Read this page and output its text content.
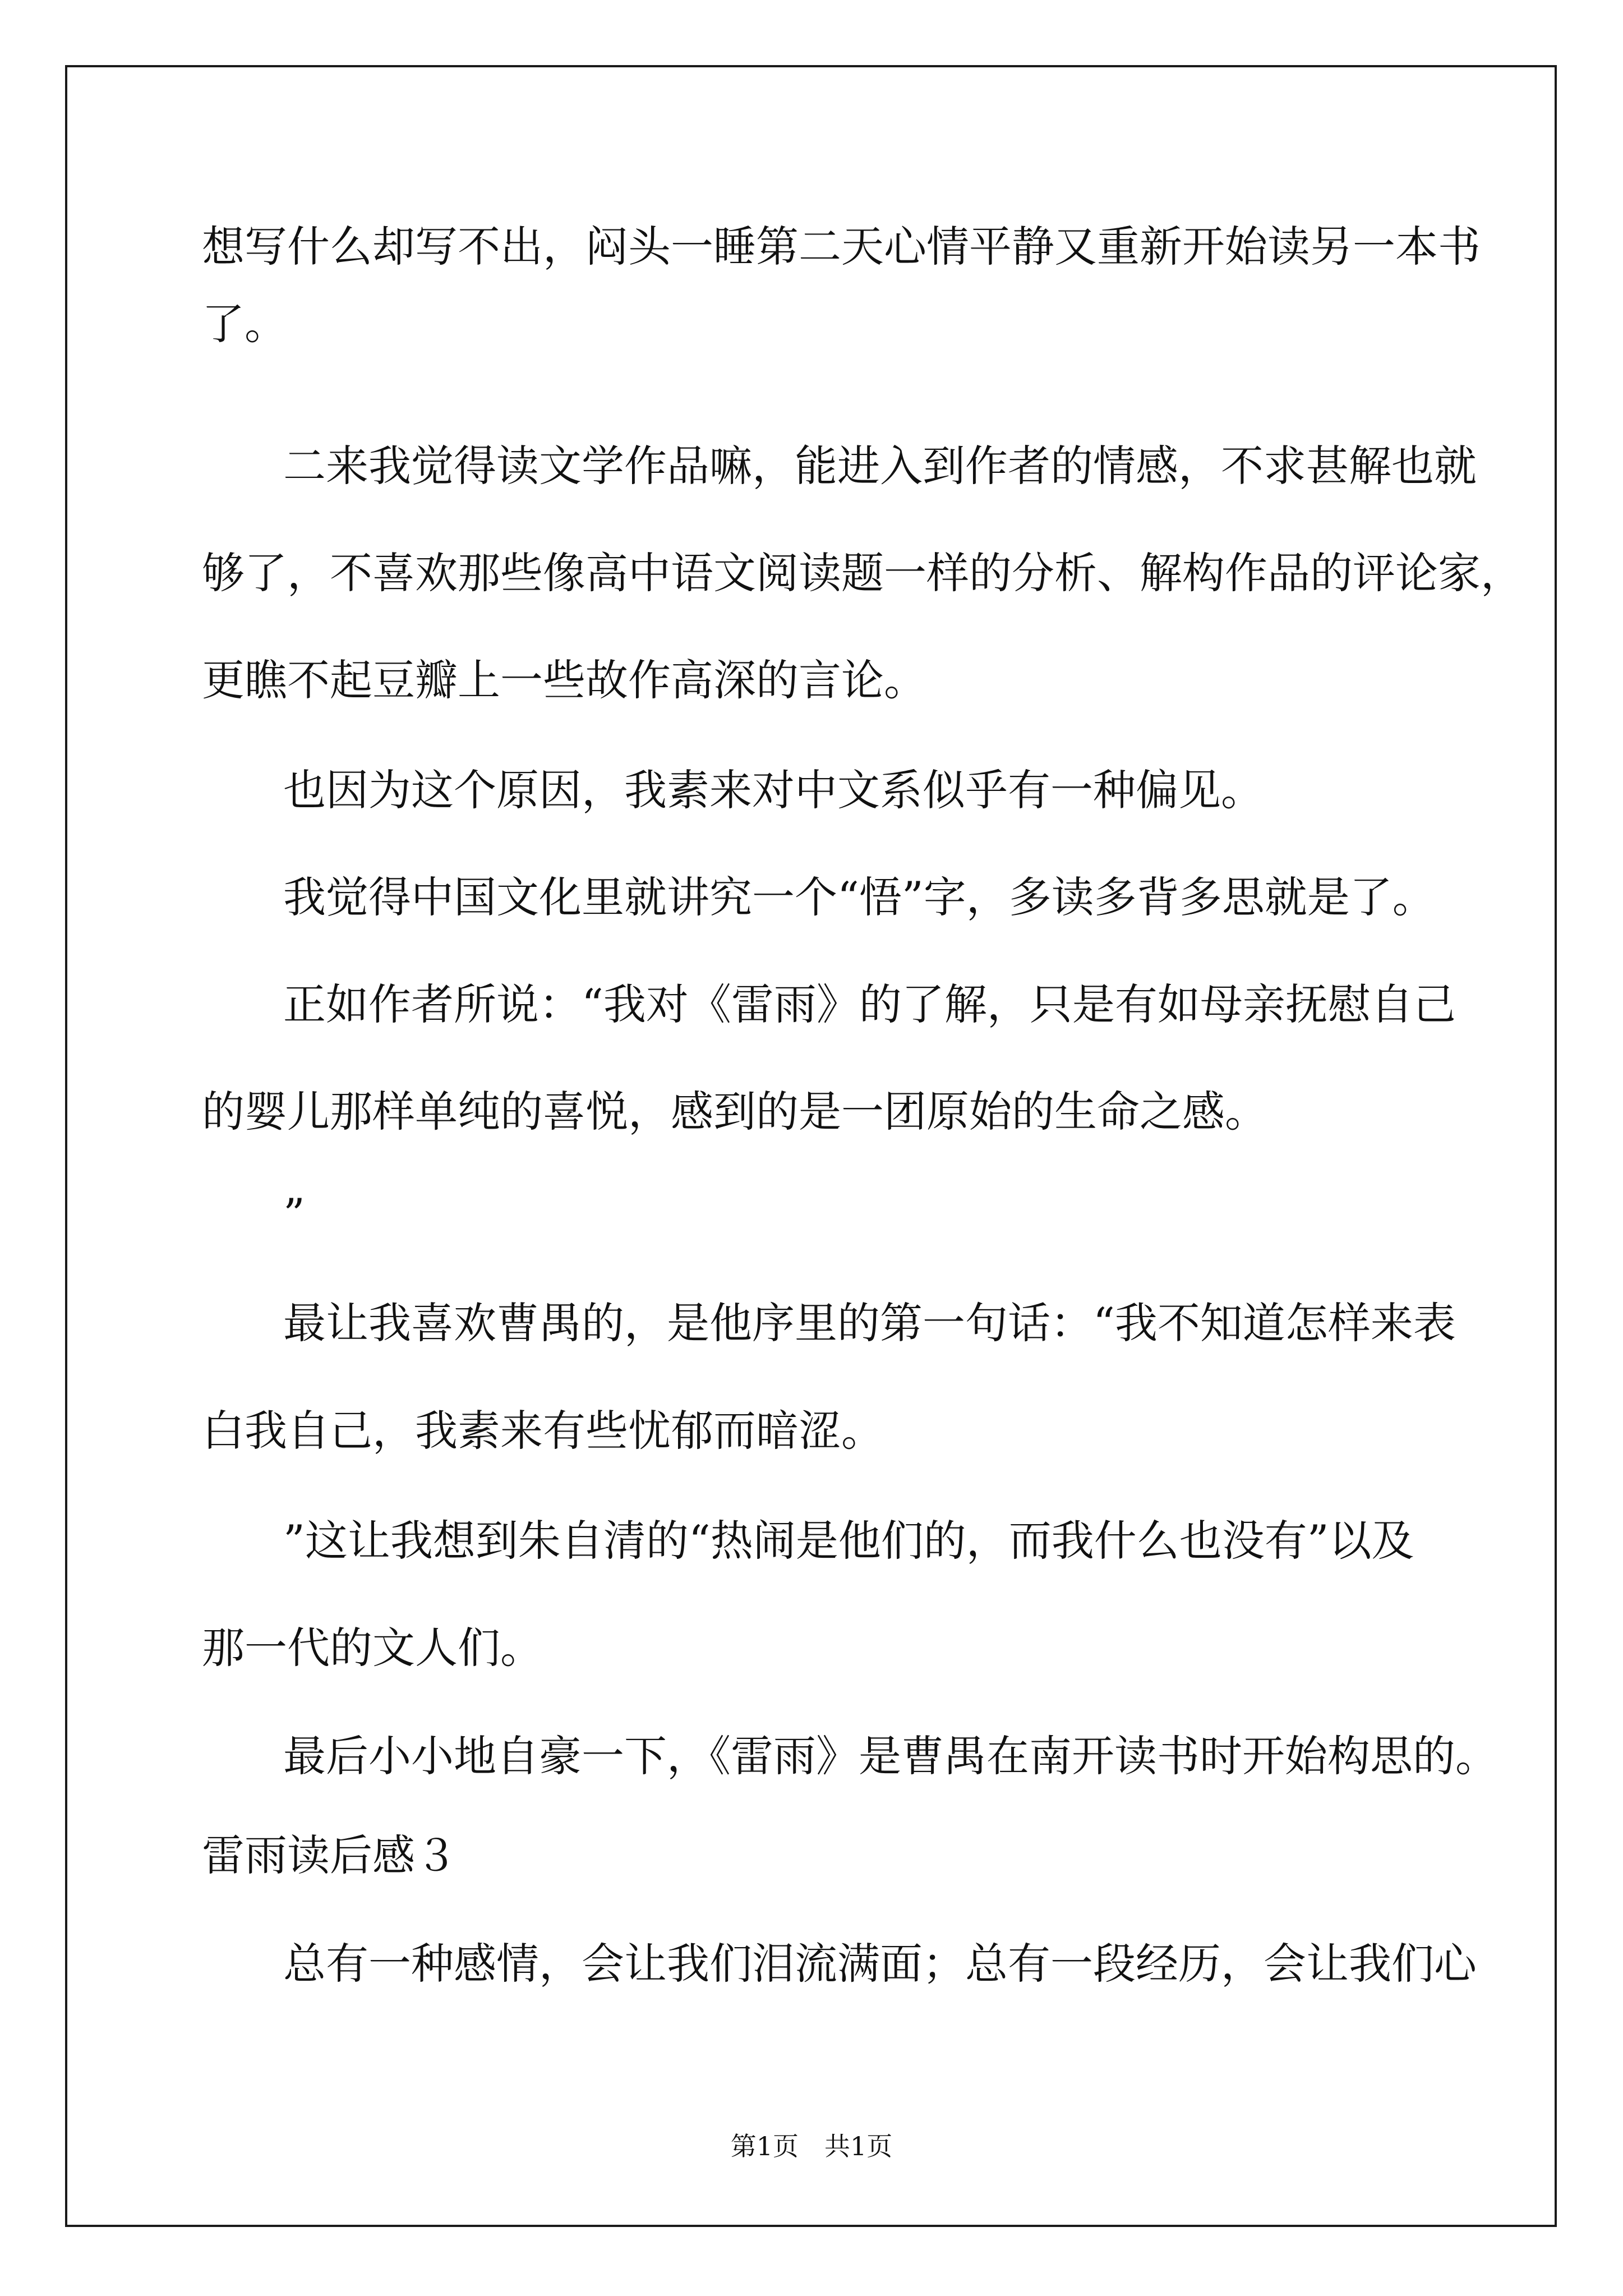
想写什么却写不出，闷头一睡第二天心情平静又重新开始读另一本书
了。
二来我觉得读文学作品嘛，能进入到作者的情感，不求甚解也就
够了，不喜欢那些像高中语文阅读题一样的分析、解构作品的评论家，
更瞧不起豆瓣上一些故作高深的言论。
也因为这个原因，我素来对中文系似乎有一种偏见。
我觉得中国文化里就讲究一个“悟”字，多读多背多思就是了。
正如作者所说：“我对《雷雨》的了解，只是有如母亲抚慰自己
的婴儿那样单纯的喜悦，感到的是一团原始的生命之感。
”
最让我喜欢曹禺的，是他序里的第一句话：“我不知道怎样来表
白我自己，我素来有些忧郁而暗涩。
”这让我想到朱自清的“热闹是他们的，而我什么也没有”以及
那一代的文人们。
最后小小地自豪一下，《雷雨》是曹禺在南开读书时开始构思的。
雷雨读后感３
总有一种感情，会让我们泪流满面；总有一段经历，会让我们心
第1页　共1页
